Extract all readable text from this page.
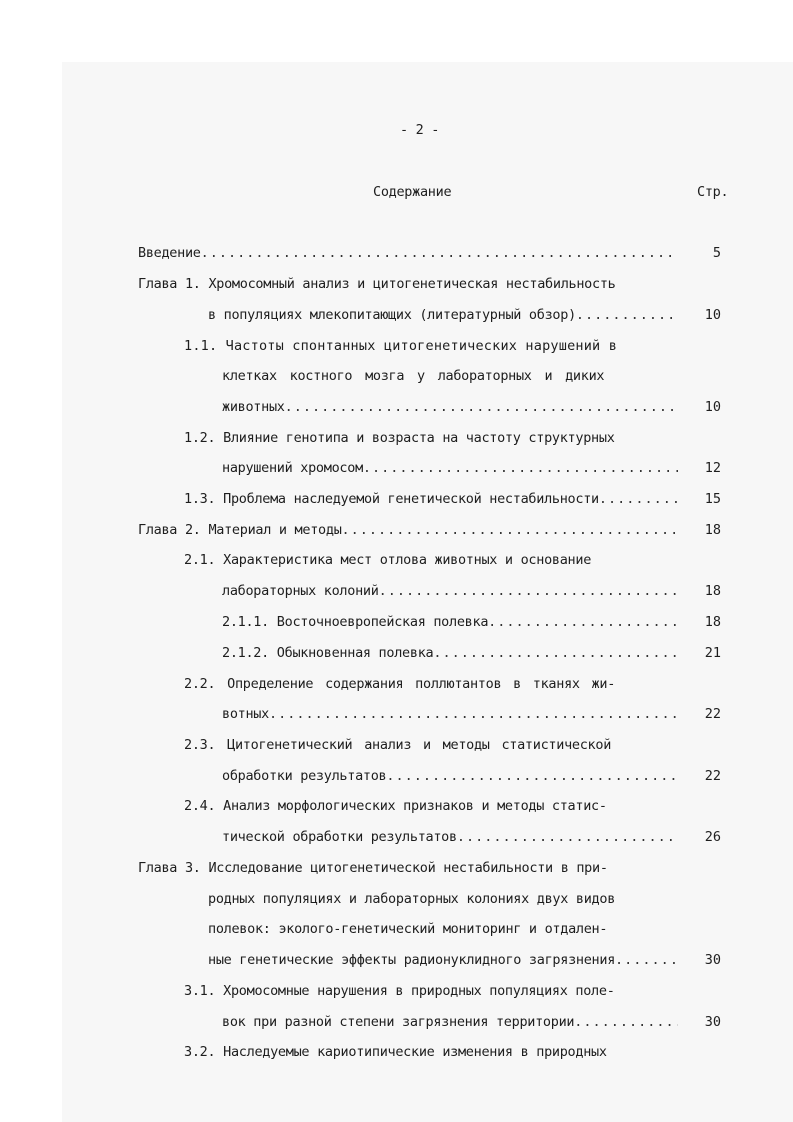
- 2 -
Содержание	Стр.
Введение .....	5
Глава 1. Хромосомный анализ и цитогенетическая нестабильность
в популяциях млекопитающих (литературный обзор) .....	10
1.1. Частоты спонтанных цитогенетических нарушений в
клетках костного мозга у лабораторных и диких
животных .....	10
1.2. Влияние генотипа и возраста на частоту структурных
нарушений хромосом .....	12
1.3. Проблема наследуемой генетической нестабильности .....	15
Глава 2. Материал и методы .....	18
2.1. Характеристика мест отлова животных и основание
лабораторных колоний .....	18
2.1.1. Восточноевропейская полевка .....	18
2.1.2. Обыкновенная полевка .....	21
2.2. Определение содержания поллютантов в тканях жи-
вотных .....	22
2.3. Цитогенетический анализ и методы статистической
обработки результатов .....	22
2.4. Анализ морфологических признаков и методы статис-
тической обработки результатов .....	26
Глава 3. Исследование цитогенетической нестабильности в при-
родных популяциях и лабораторных колониях двух видов
полевок: эколого-генетический мониторинг и отдален-
ные генетические эффекты радионуклидного загрязнения .....	30
3.1. Хромосомные нарушения в природных популяциях поле-
вок при разной степени загрязнения территории .....	30
3.2. Наследуемые кариотипические изменения в природных
